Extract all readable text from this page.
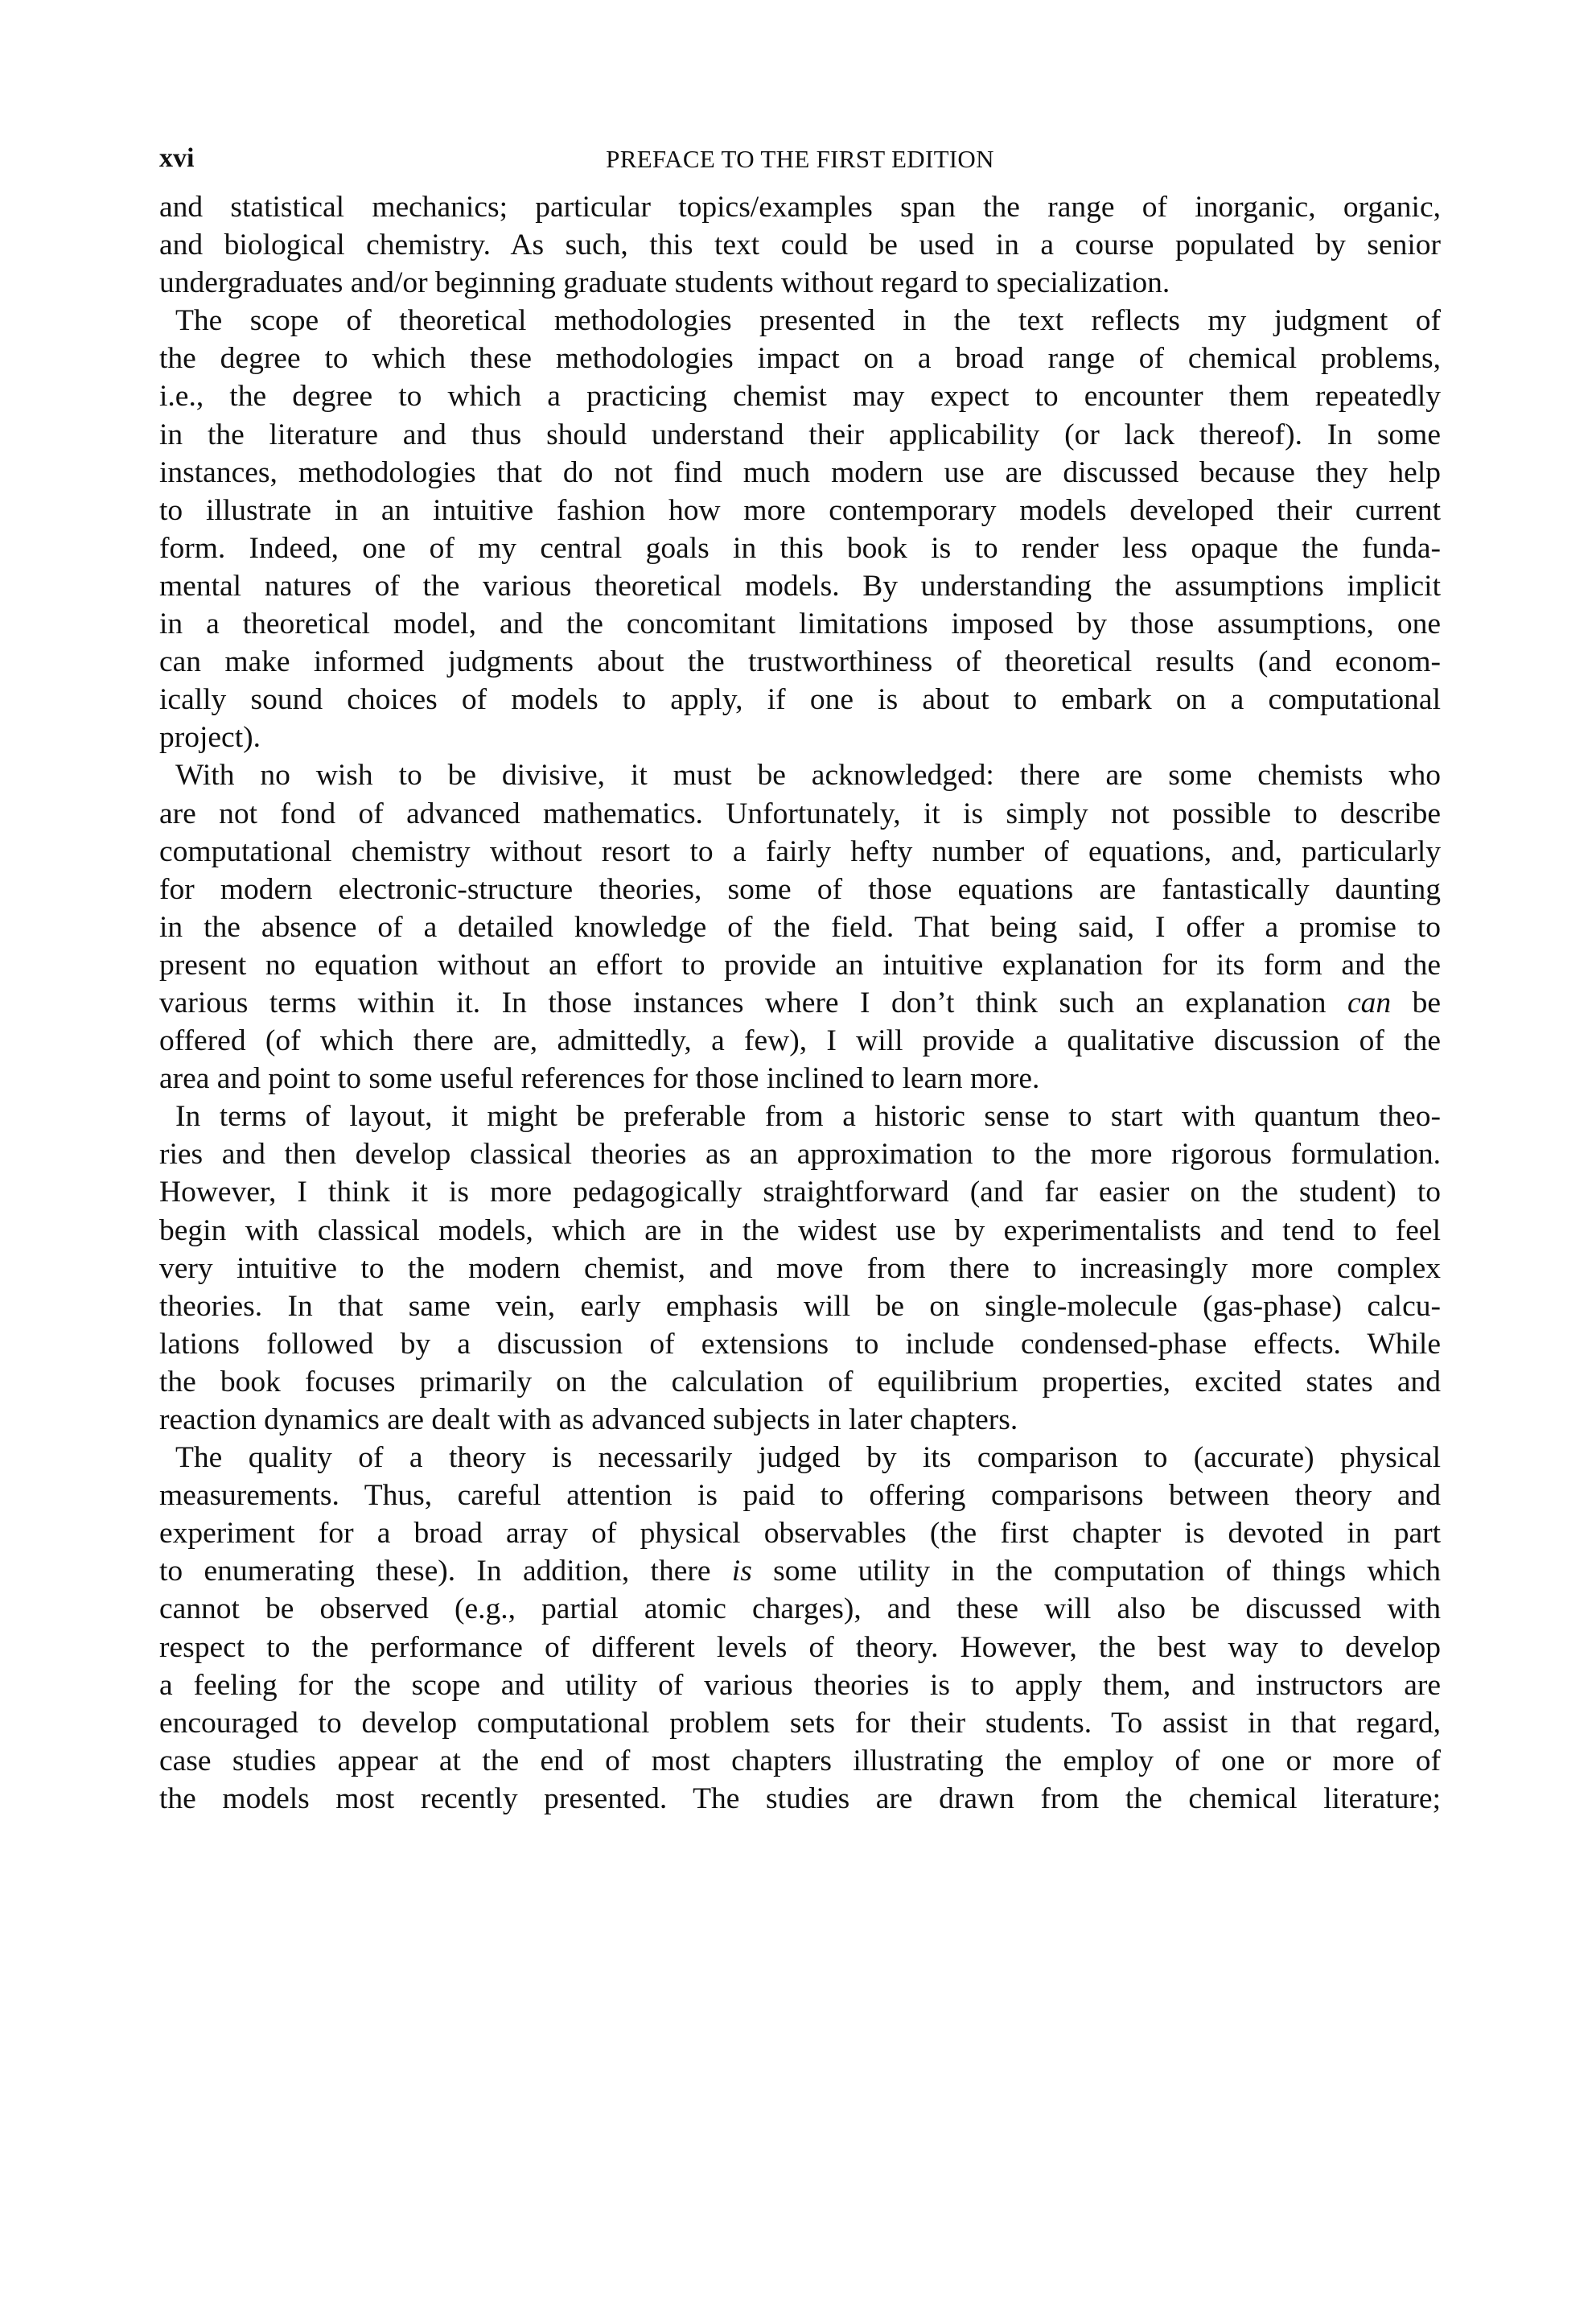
xvi	PREFACE TO THE FIRST EDITION
and statistical mechanics; particular topics/examples span the range of inorganic, organic,
and biological chemistry. As such, this text could be used in a course populated by senior
undergraduates and/or beginning graduate students without regard to specialization.
The scope of theoretical methodologies presented in the text reflects my judgment of
the degree to which these methodologies impact on a broad range of chemical problems,
i.e., the degree to which a practicing chemist may expect to encounter them repeatedly
in the literature and thus should understand their applicability (or lack thereof). In some
instances, methodologies that do not find much modern use are discussed because they help
to illustrate in an intuitive fashion how more contemporary models developed their current
form. Indeed, one of my central goals in this book is to render less opaque the funda-
mental natures of the various theoretical models. By understanding the assumptions implicit
in a theoretical model, and the concomitant limitations imposed by those assumptions, one
can make informed judgments about the trustworthiness of theoretical results (and econom-
ically sound choices of models to apply, if one is about to embark on a computational
project).
With no wish to be divisive, it must be acknowledged: there are some chemists who
are not fond of advanced mathematics. Unfortunately, it is simply not possible to describe
computational chemistry without resort to a fairly hefty number of equations, and, particularly
for modern electronic-structure theories, some of those equations are fantastically daunting
in the absence of a detailed knowledge of the field. That being said, I offer a promise to
present no equation without an effort to provide an intuitive explanation for its form and the
various terms within it. In those instances where I don’t think such an explanation can be
offered (of which there are, admittedly, a few), I will provide a qualitative discussion of the
area and point to some useful references for those inclined to learn more.
In terms of layout, it might be preferable from a historic sense to start with quantum theo-
ries and then develop classical theories as an approximation to the more rigorous formulation.
However, I think it is more pedagogically straightforward (and far easier on the student) to
begin with classical models, which are in the widest use by experimentalists and tend to feel
very intuitive to the modern chemist, and move from there to increasingly more complex
theories. In that same vein, early emphasis will be on single-molecule (gas-phase) calcu-
lations followed by a discussion of extensions to include condensed-phase effects. While
the book focuses primarily on the calculation of equilibrium properties, excited states and
reaction dynamics are dealt with as advanced subjects in later chapters.
The quality of a theory is necessarily judged by its comparison to (accurate) physical
measurements. Thus, careful attention is paid to offering comparisons between theory and
experiment for a broad array of physical observables (the first chapter is devoted in part
to enumerating these). In addition, there is some utility in the computation of things which
cannot be observed (e.g., partial atomic charges), and these will also be discussed with
respect to the performance of different levels of theory. However, the best way to develop
a feeling for the scope and utility of various theories is to apply them, and instructors are
encouraged to develop computational problem sets for their students. To assist in that regard,
case studies appear at the end of most chapters illustrating the employ of one or more of
the models most recently presented. The studies are drawn from the chemical literature;
